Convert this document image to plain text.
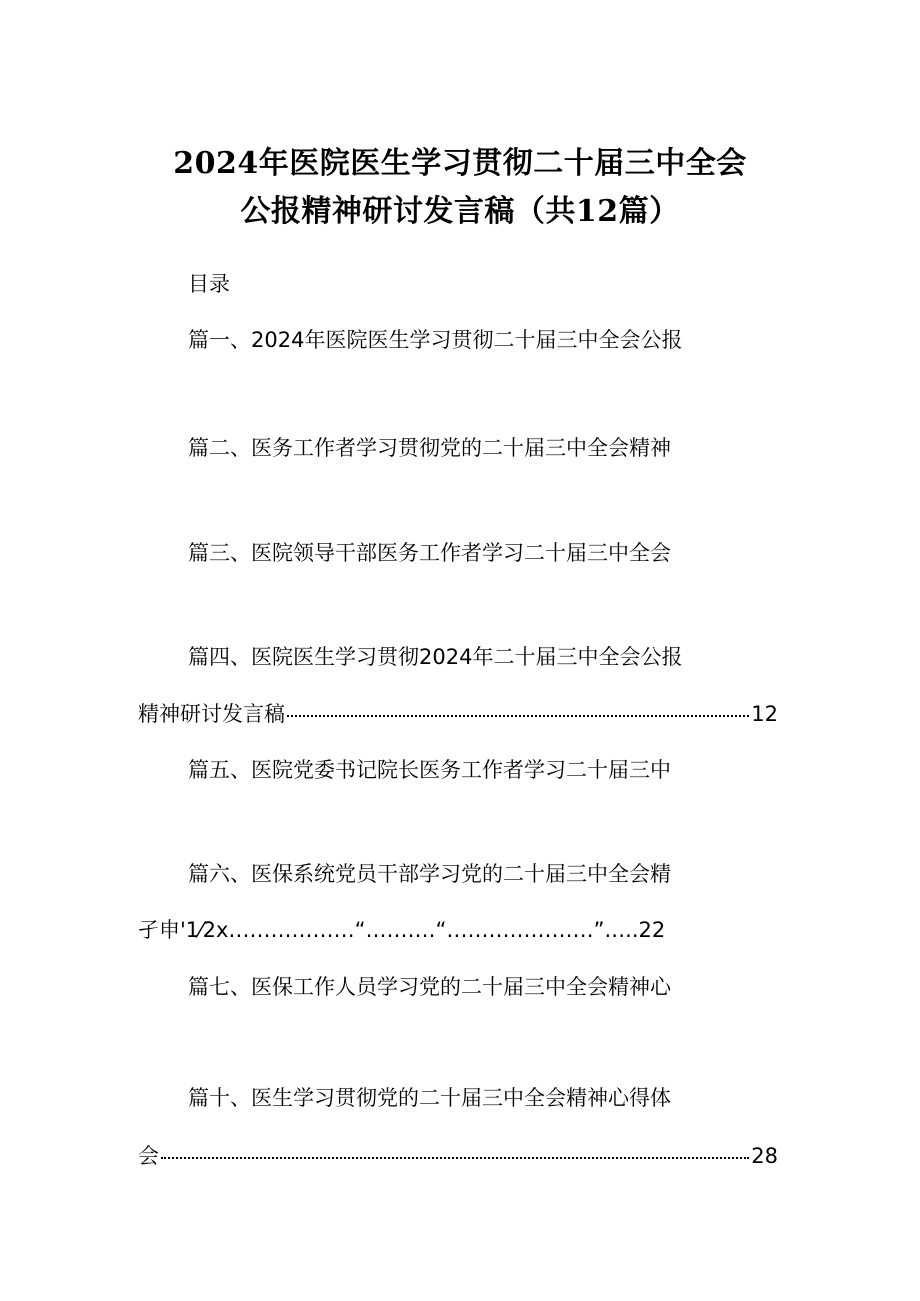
2024年医院医生学习贯彻二十届三中全会
公报精神研讨发言稿（共12篇）
目录
篇一、2024年医院医生学习贯彻二十届三中全会公报
篇二、医务工作者学习贯彻党的二十届三中全会精神
篇三、医院领导干部医务工作者学习二十届三中全会
篇四、医院医生学习贯彻2024年二十届三中全会公报
精神研讨发言稿	12
篇五、医院党委书记院长医务工作者学习二十届三中
篇六、医保系统党员干部学习党的二十届三中全会精
孑申'1⁄2x‥‥‥‥‥‥‥‥‥“‥‥‥‥‥“‥‥‥‥…‥‥‥‥‥”.‥..22
篇七、医保工作人员学习党的二十届三中全会精神心
篇十、医生学习贯彻党的二十届三中全会精神心得体
会	28
